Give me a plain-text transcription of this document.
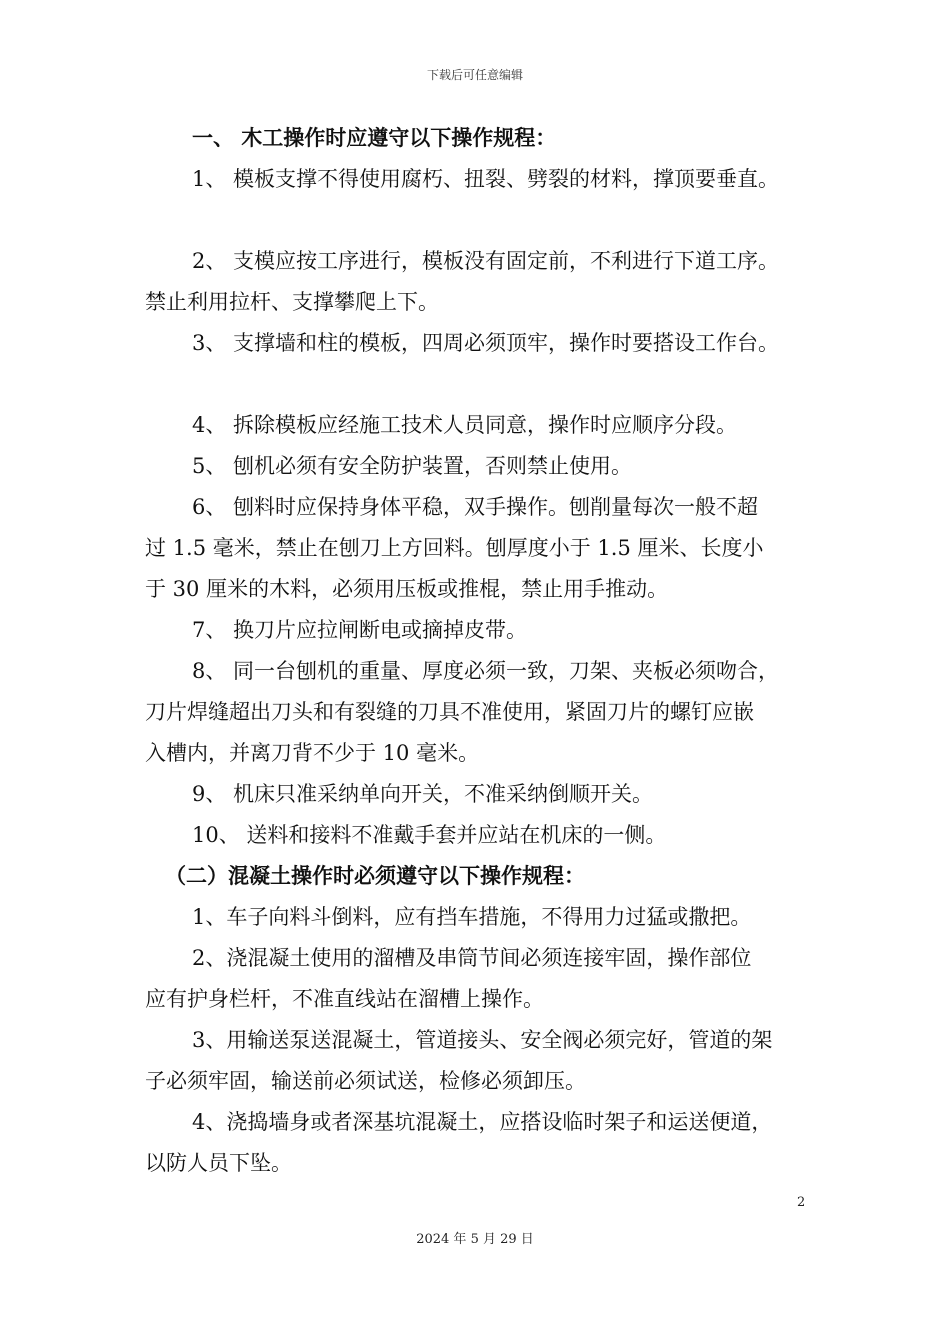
下载后可任意编辑

一、 木工操作时应遵守以下操作规程：

1、 模板支撑不得使用腐朽、扭裂、劈裂的材料，撑顶要垂直。

2、 支模应按工序进行，模板没有固定前，不利进行下道工序。

禁止利用拉杆、支撑攀爬上下。

3、 支撑墙和柱的模板，四周必须顶牢，操作时要搭设工作台。

4、 拆除模板应经施工技术人员同意，操作时应顺序分段。

5、 刨机必须有安全防护装置，否则禁止使用。

6、 刨料时应保持身体平稳，双手操作。刨削量每次一般不超

过 1.5 毫米，禁止在刨刀上方回料。刨厚度小于 1.5 厘米、长度小

于 30 厘米的木料，必须用压板或推棍，禁止用手推动。

7、 换刀片应拉闸断电或摘掉皮带。

8、 同一台刨机的重量、厚度必须一致，刀架、夹板必须吻合，

刀片焊缝超出刀头和有裂缝的刀具不准使用，紧固刀片的螺钉应嵌

入槽内，并离刀背不少于 10 毫米。

9、 机床只准采纳单向开关，不准采纳倒顺开关。

10、 送料和接料不准戴手套并应站在机床的一侧。

（二）混凝土操作时必须遵守以下操作规程：

1、车子向料斗倒料，应有挡车措施，不得用力过猛或撒把。

2、浇混凝土使用的溜槽及串筒节间必须连接牢固，操作部位

应有护身栏杆，不准直线站在溜槽上操作。

3、用输送泵送混凝土，管道接头、安全阀必须完好，管道的架

子必须牢固，输送前必须试送，检修必须卸压。

4、浇捣墙身或者深基坑混凝土，应搭设临时架子和运送便道，

以防人员下坠。

2
2024 年 5 月 29 日
